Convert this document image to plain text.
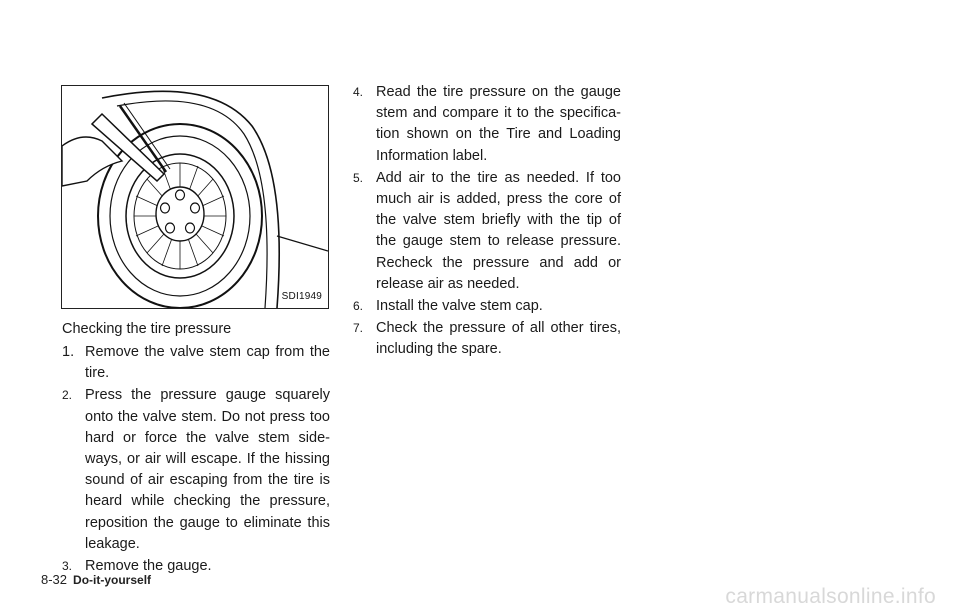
SDI1949

Checking the tire pressure

1. Remove the valve stem cap from the tire.
2. Press the pressure gauge squarely onto the valve stem. Do not press too hard or force the valve stem side-ways, or air will escape. If the hissing sound of air escaping from the tire is heard while checking the pressure, reposition the gauge to eliminate this leakage.
3. Remove the gauge.
4. Read the tire pressure on the gauge stem and compare it to the specifica-tion shown on the Tire and Loading Information label.
5. Add air to the tire as needed. If too much air is added, press the core of the valve stem briefly with the tip of the gauge stem to release pressure. Recheck the pressure and add or release air as needed.
6. Install the valve stem cap.
7. Check the pressure of all other tires, including the spare.
8-32 Do-it-yourself
carmanualsonline.info
